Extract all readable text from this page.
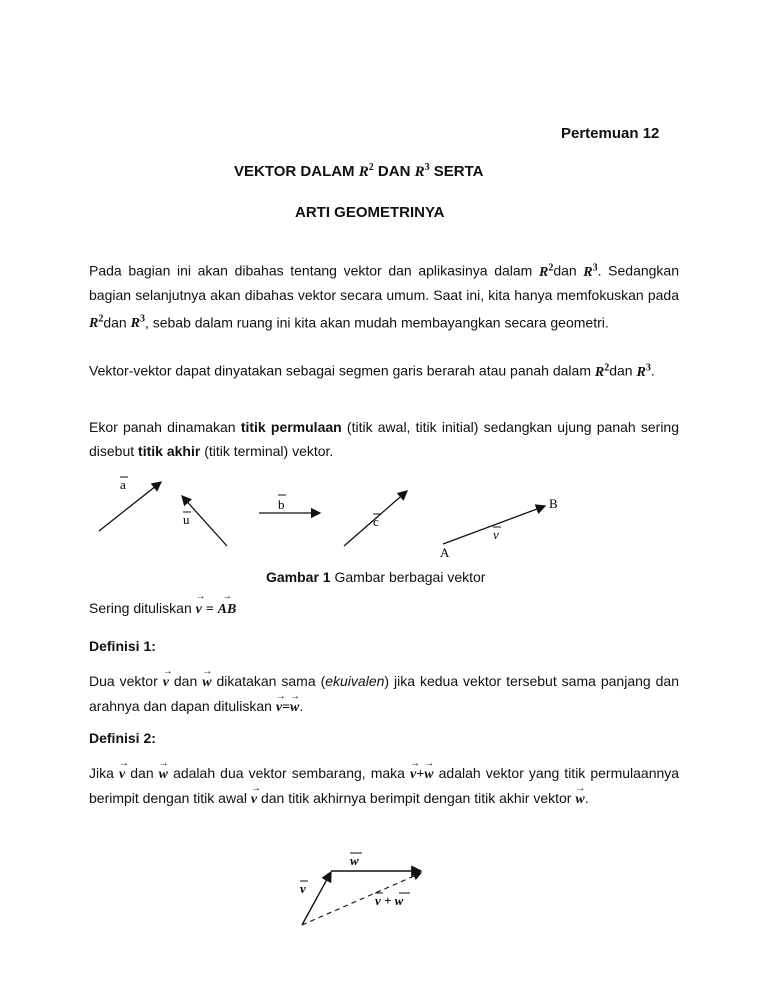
Pertemuan 12
VEKTOR DALAM $R^2$ DAN $R^3$ SERTA
ARTI GEOMETRINYA
Pada bagian ini akan dibahas tentang vektor dan aplikasinya dalam $R^2dan$ $R^3$. Sedangkan bagian selanjutnya akan dibahas vektor secara umum. Saat ini, kita hanya memfokuskan pada $R^2dan$ $R^3$, sebab dalam ruang ini kita akan mudah membayangkan secara geometri.
Vektor-vektor dapat dinyatakan sebagai segmen garis berarah atau panah dalam $R^2dan$ $R^3$.
Ekor panah dinamakan titik permulaan (titik awal, titik initial) sedangkan ujung panah sering disebut titik akhir (titik terminal) vektor.
a
u
b
c
B
A
v
Gambar 1 Gambar berbagai vektor
Sering dituliskan → v = → AB
Definisi 1:
Dua vektor → v dan → w dikatakan sama (ekuivalen) jika kedua vektor tersebut sama panjang dan arahnya dan dapan dituliskan → v=→ w.
Definisi 2:
Jika → v dan → w adalah dua vektor sembarang, maka → v+→ w adalah vektor yang titik permulaannya berimpit dengan titik awal → v dan titik akhirnya berimpit dengan titik akhir vektor → w.
w
v
v + w
